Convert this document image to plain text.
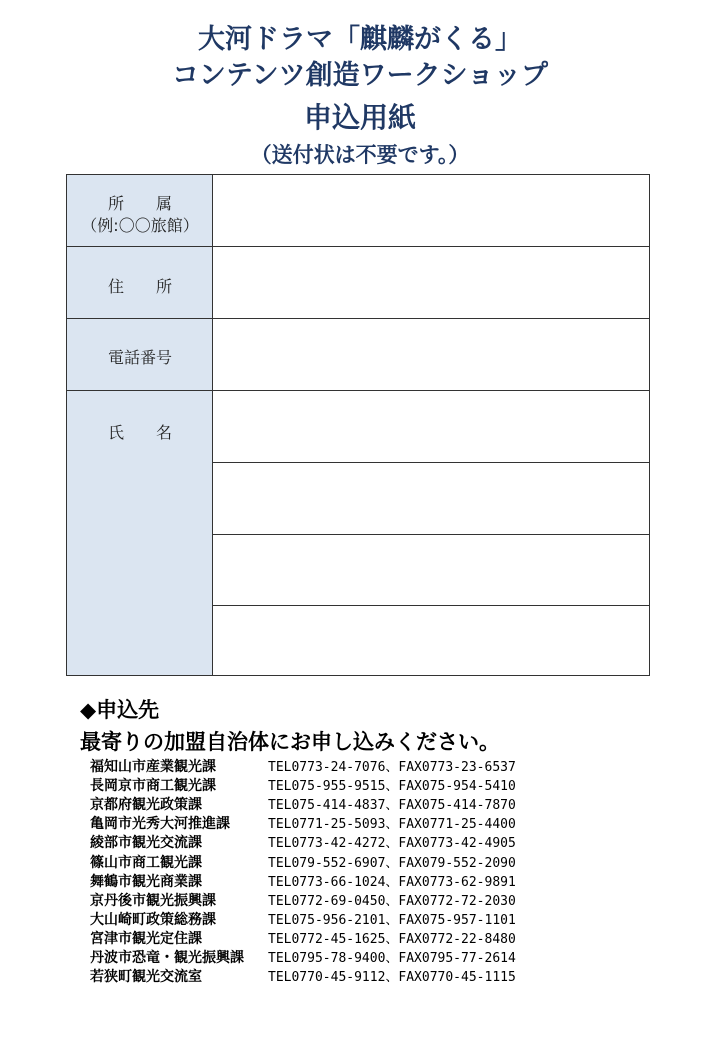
大河ドラマ「麒麟がくる」
コンテンツ創造ワークショップ
申込用紙
（送付状は不要です。）
所　　属
（例:〇〇旅館）
住　　所
電話番号
氏　　名
◆申込先
最寄りの加盟自治体にお申し込みください。
福知山市産業観光課	TEL0773-24-7076、FAX0773-23-6537
長岡京市商工観光課	TEL075-955-9515、FAX075-954-5410
京都府観光政策課	TEL075-414-4837、FAX075-414-7870
亀岡市光秀大河推進課	TEL0771-25-5093、FAX0771-25-4400
綾部市観光交流課	TEL0773-42-4272、FAX0773-42-4905
篠山市商工観光課	TEL079-552-6907、FAX079-552-2090
舞鶴市観光商業課	TEL0773-66-1024、FAX0773-62-9891
京丹後市観光振興課	TEL0772-69-0450、FAX0772-72-2030
大山崎町政策総務課	TEL075-956-2101、FAX075-957-1101
宮津市観光定住課	TEL0772-45-1625、FAX0772-22-8480
丹波市恐竜・観光振興課 TEL0795-78-9400、FAX0795-77-2614
若狭町観光交流室	TEL0770-45-9112、FAX0770-45-1115
